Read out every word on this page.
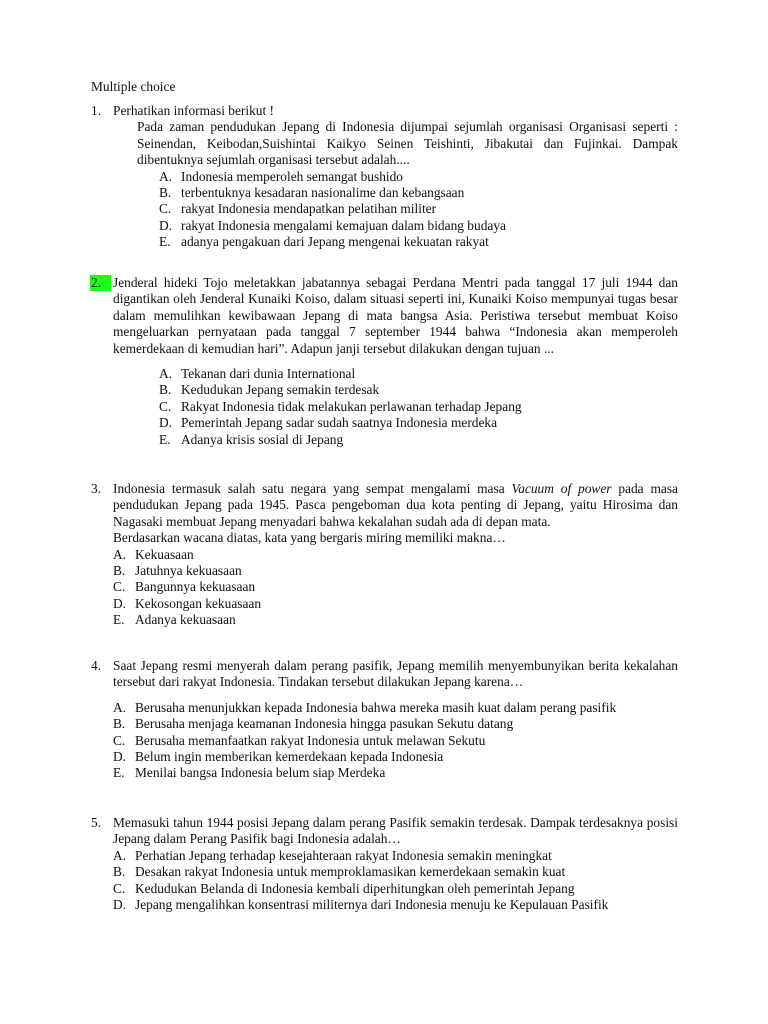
Multiple choice
1. Perhatikan informasi berikut !

Pada zaman pendudukan Jepang di Indonesia dijumpai sejumlah organisasi Organisasi seperti : Seinendan, Keibodan,Suishintai Kaikyo Seinen Teishinti, Jibakutai dan Fujinkai. Dampak dibentuknya sejumlah organisasi tersebut adalah....

A. Indonesia memperoleh semangat bushido
B. terbentuknya kesadaran nasionalime dan kebangsaan
C. rakyat Indonesia mendapatkan pelatihan militer
D. rakyat Indonesia mengalami kemajuan dalam bidang budaya
E. adanya pengakuan dari Jepang mengenai kekuatan rakyat
2. Jenderal hideki Tojo meletakkan jabatannya sebagai Perdana Mentri pada tanggal 17 juli 1944 dan digantikan oleh Jenderal Kunaiki Koiso, dalam situasi seperti ini, Kunaiki Koiso mempunyai tugas besar dalam memulihkan kewibawaan Jepang di mata bangsa Asia. Peristiwa tersebut membuat Koiso mengeluarkan pernyataan pada tanggal 7 september 1944 bahwa “Indonesia akan memperoleh kemerdekaan di kemudian hari”. Adapun janji tersebut dilakukan dengan tujuan ...

A. Tekanan dari dunia International
B. Kedudukan Jepang semakin terdesak
C. Rakyat Indonesia tidak melakukan perlawanan terhadap Jepang
D. Pemerintah Jepang sadar sudah saatnya Indonesia merdeka
E. Adanya krisis sosial di Jepang
3. Indonesia termasuk salah satu negara yang sempat mengalami masa Vacuum of power pada masa pendudukan Jepang pada 1945. Pasca pengeboman dua kota penting di Jepang, yaitu Hirosima dan Nagasaki membuat Jepang menyadari bahwa kekalahan sudah ada di depan mata.

Berdasarkan wacana diatas, kata yang bergaris miring memiliki makna…

A. Kekuasaan
B. Jatuhnya kekuasaan
C. Bangunnya kekuasaan
D. Kekosongan kekuasaan
E. Adanya kekuasaan
4. Saat Jepang resmi menyerah dalam perang pasifik, Jepang memilih menyembunyikan berita kekalahan tersebut dari rakyat Indonesia. Tindakan tersebut dilakukan Jepang karena…

A. Berusaha menunjukkan kepada Indonesia bahwa mereka masih kuat dalam perang pasifik
B. Berusaha menjaga keamanan Indonesia hingga pasukan Sekutu datang
C. Berusaha memanfaatkan rakyat Indonesia untuk melawan Sekutu
D. Belum ingin memberikan kemerdekaan kepada Indonesia
E. Menilai bangsa Indonesia belum siap Merdeka
5. Memasuki tahun 1944 posisi Jepang dalam perang Pasifik semakin terdesak. Dampak terdesaknya posisi Jepang dalam Perang Pasifik bagi Indonesia adalah…

A. Perhatian Jepang terhadap kesejahteraan rakyat Indonesia semakin meningkat
B. Desakan rakyat Indonesia untuk memproklamasikan kemerdekaan semakin kuat
C. Kedudukan Belanda di Indonesia kembali diperhitungkan oleh pemerintah Jepang
D. Jepang mengalihkan konsentrasi militernya dari Indonesia menuju ke Kepulauan Pasifik
